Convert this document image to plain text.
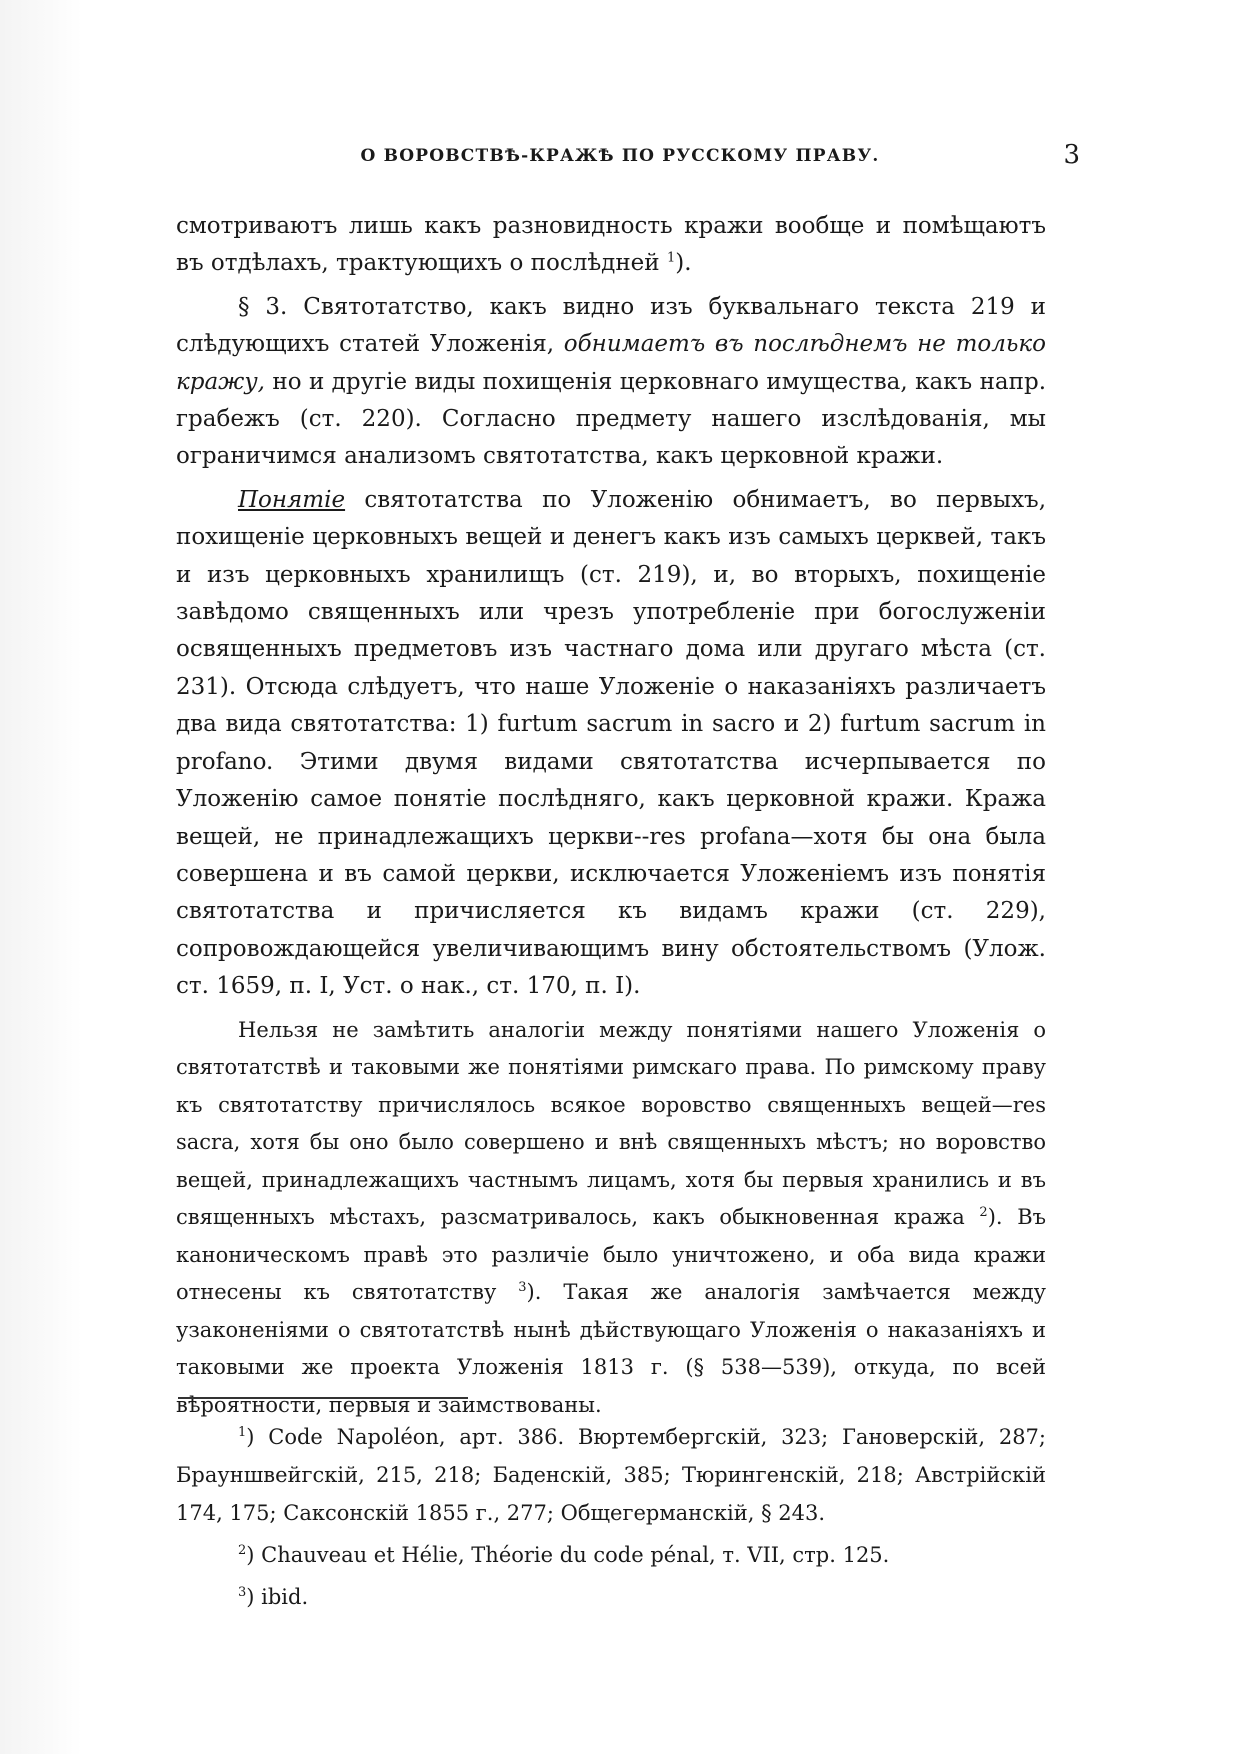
О ВОРОВСТВѢ-КРАЖѢ ПО РУССКОМУ ПРАВУ.	3

смотриваютъ лишь какъ разновидность кражи вообще и помѣщаютъ въ отдѣлахъ, трактующихъ о послѣдней $^1$).

§ 3. Святотатство, какъ видно изъ буквальнаго текста 219 и слѣдующихъ статей Уложенія, обнимаетъ въ послѣднемъ не только кражу, но и другіе виды похищенія церковнаго имущества, какъ напр. грабежъ (ст. 220). Согласно предмету нашего изслѣдованія, мы ограничимся анализомъ святотатства, какъ церковной кражи.

Понятіе святотатства по Уложенію обнимаетъ, во первыхъ, похищеніе церковныхъ вещей и денегъ какъ изъ самыхъ церквей, такъ и изъ церковныхъ хранилищъ (ст. 219), и, во вторыхъ, похищеніе завѣдомо священныхъ или чрезъ употребленіе при богослуженіи освященныхъ предметовъ изъ частнаго дома или другаго мѣста (ст. 231). Отсюда слѣдуетъ, что наше Уложеніе о наказаніяхъ различаетъ два вида святотатства: 1) furtum sacrum in sacro и 2) furtum sacrum in profano. Этими двумя видами святотатства исчерпывается по Уложенію самое понятіе послѣдняго, какъ церковной кражи. Кража вещей, не принадлежащихъ церкви--res profana—хотя бы она была совершена и въ самой церкви, исключается Уложеніемъ изъ понятія святотатства и причисляется къ видамъ кражи (ст. 229), сопровождающейся увеличивающимъ вину обстоятельствомъ (Улож. ст. 1659, п. I, Уст. о нак., ст. 170, п. I).

Нельзя не замѣтить аналогіи между понятіями нашего Уложенія о святотатствѣ и таковыми же понятіями римскаго права. По римскому праву къ святотатству причислялось всякое воровство священныхъ вещей—res sacra, хотя бы оно было совершено и внѣ священныхъ мѣстъ; но воровство вещей, принадлежащихъ частнымъ лицамъ, хотя бы первыя хранились и въ священныхъ мѣстахъ, разсматривалось, какъ обыкновенная кража $^2$). Въ каноническомъ правѣ это различіе было уничтожено, и оба вида кражи отнесены къ святотатству $^3$). Такая же аналогія замѣчается между узаконеніями о святотатствѣ нынѣ дѣйствующаго Уложенія о наказаніяхъ и таковыми же проекта Уложенія 1813 г. (§ 538—539), откуда, по всей вѣроятности, первыя и заимствованы.

$^1$) Code Napoléon, арт. 386. Вюртембергскій, 323; Гановерскій, 287; Брауншвейгскій, 215, 218; Баденскій, 385; Тюрингенскій, 218; Австрійскій 174, 175; Саксонскій 1855 г., 277; Общегерманскій, § 243.

$^2$) Chauveau et Hélie, Théorie du code pénal, т. VII, стр. 125.

$^3$) ibid.
